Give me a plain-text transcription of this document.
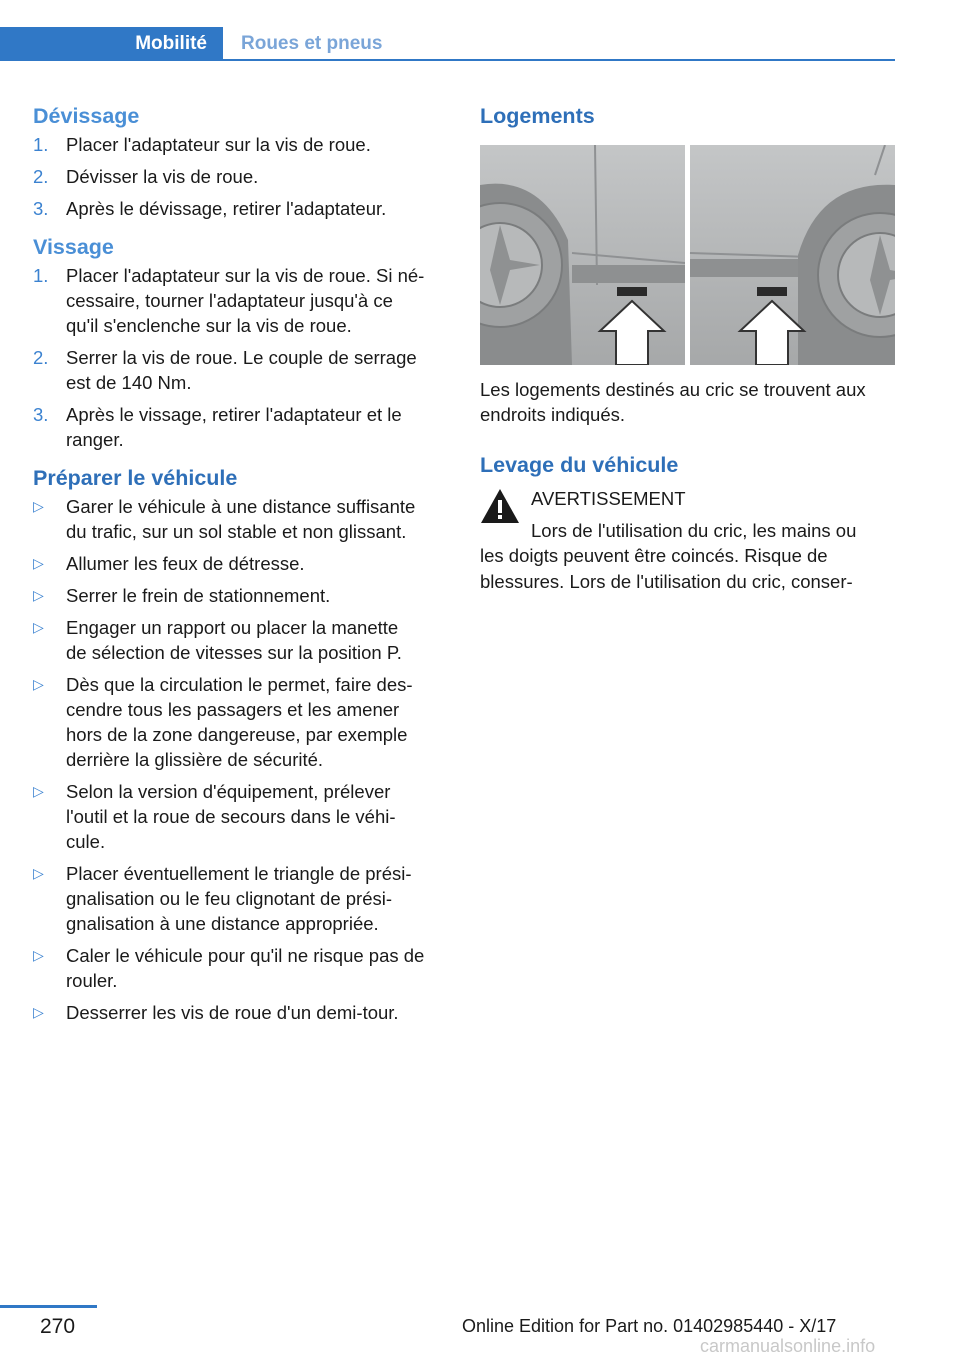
Mobilité Roues et pneus
Dévissage
1. Placer l'adaptateur sur la vis de roue.
2. Dévisser la vis de roue.
3. Après le dévissage, retirer l'adaptateur.
Vissage
1. Placer l'adaptateur sur la vis de roue. Si né-
cessaire, tourner l'adaptateur jusqu'à ce
qu'il s'enclenche sur la vis de roue.
2. Serrer la vis de roue. Le couple de serrage
est de 140 Nm.
3. Après le vissage, retirer l'adaptateur et le
ranger.
Préparer le véhicule
▷ Garer le véhicule à une distance suffisante
du trafic, sur un sol stable et non glissant.
▷ Allumer les feux de détresse.
▷ Serrer le frein de stationnement.
▷ Engager un rapport ou placer la manette
de sélection de vitesses sur la position P.
▷ Dès que la circulation le permet, faire des-
cendre tous les passagers et les amener
hors de la zone dangereuse, par exemple
derrière la glissière de sécurité.
▷ Selon la version d'équipement, prélever
l'outil et la roue de secours dans le véhi-
cule.
▷ Placer éventuellement le triangle de prési-
gnalisation ou le feu clignotant de prési-
gnalisation à une distance appropriée.
▷ Caler le véhicule pour qu'il ne risque pas de
rouler.
▷ Desserrer les vis de roue d'un demi-tour.
Logements

Les logements destinés au cric se trouvent aux

endroits indiqués.

Levage du véhicule
AVERTISSEMENT
Lors de l'utilisation du cric, les mains ou
les doigts peuvent être coincés. Risque de
blessures. Lors de l'utilisation du cric, conser-
270	Online Edition for Part no. 01402985440 - X/17
carmanualsonline.info
